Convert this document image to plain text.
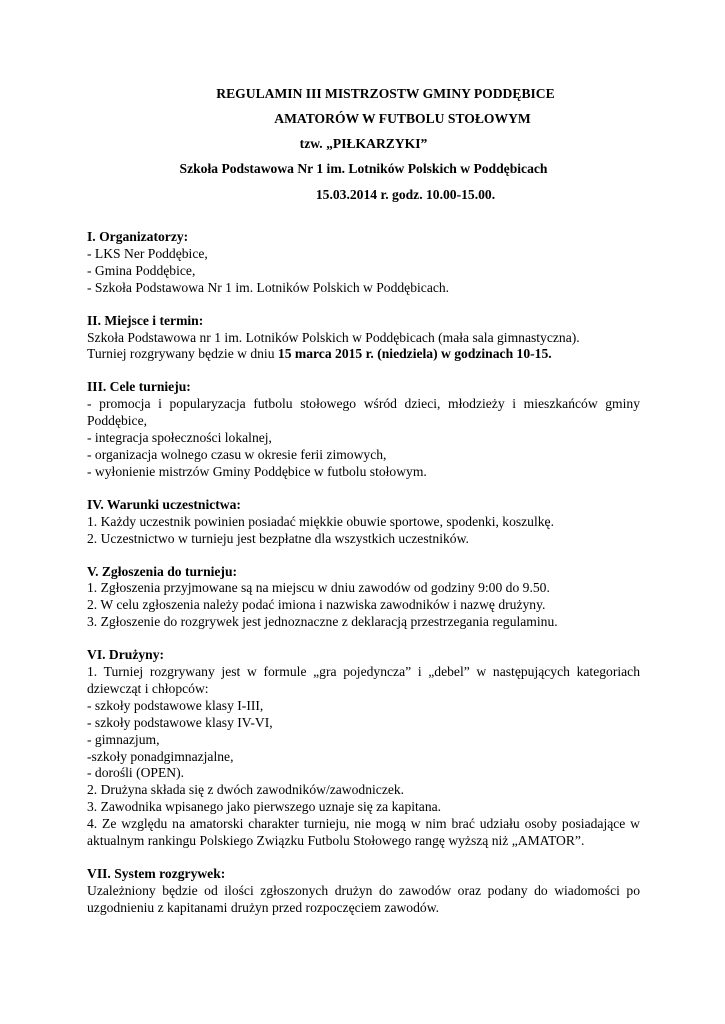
REGULAMIN III MISTRZOSTW GMINY PODDĘBICE
AMATORÓW W FUTBOLU STOŁOWYM
tzw. „PIŁKARZYKI”
Szkoła Podstawowa Nr 1 im. Lotników Polskich w Poddębicach
15.03.2014 r. godz. 10.00-15.00.

I. Organizatorzy:

- LKS Ner Poddębice,

- Gmina Poddębice,

- Szkoła Podstawowa Nr 1 im. Lotników Polskich w Poddębicach.

II. Miejsce i termin:

Szkoła Podstawowa nr 1 im. Lotników Polskich w Poddębicach (mała sala gimnastyczna).

Turniej rozgrywany będzie w dniu 15 marca 2015 r. (niedziela) w godzinach 10-15.

III. Cele turnieju:

- promocja i popularyzacja futbolu stołowego wśród dzieci, młodzieży i mieszkańców gminy Poddębice,

- integracja społeczności lokalnej,

- organizacja wolnego czasu w okresie ferii zimowych,

- wyłonienie mistrzów Gminy Poddębice w futbolu stołowym.

IV. Warunki uczestnictwa:

1. Każdy uczestnik powinien posiadać miękkie obuwie sportowe, spodenki, koszulkę.

2. Uczestnictwo w turnieju jest bezpłatne dla wszystkich uczestników.

V. Zgłoszenia do turnieju:

1. Zgłoszenia przyjmowane są na miejscu w dniu zawodów od godziny 9:00 do 9.50.

2. W celu zgłoszenia należy podać imiona i nazwiska zawodników i nazwę drużyny.

3. Zgłoszenie do rozgrywek jest jednoznaczne z deklaracją przestrzegania regulaminu.

VI. Drużyny:

1. Turniej rozgrywany jest w formule „gra pojedyncza” i „debel” w następujących kategoriach dziewcząt i chłopców:

- szkoły podstawowe klasy I-III,

- szkoły podstawowe klasy IV-VI,

- gimnazjum,

-szkoły ponadgimnazjalne,

- dorośli (OPEN).

2. Drużyna składa się z dwóch zawodników/zawodniczek.

3. Zawodnika wpisanego jako pierwszego uznaje się za kapitana.

4. Ze względu na amatorski charakter turnieju, nie mogą w nim brać udziału osoby posiadające w aktualnym rankingu Polskiego Związku Futbolu Stołowego rangę wyższą niż „AMATOR”.

VII. System rozgrywek:

Uzależniony będzie od ilości zgłoszonych drużyn do zawodów oraz podany do wiadomości po uzgodnieniu z kapitanami drużyn przed rozpoczęciem zawodów.
